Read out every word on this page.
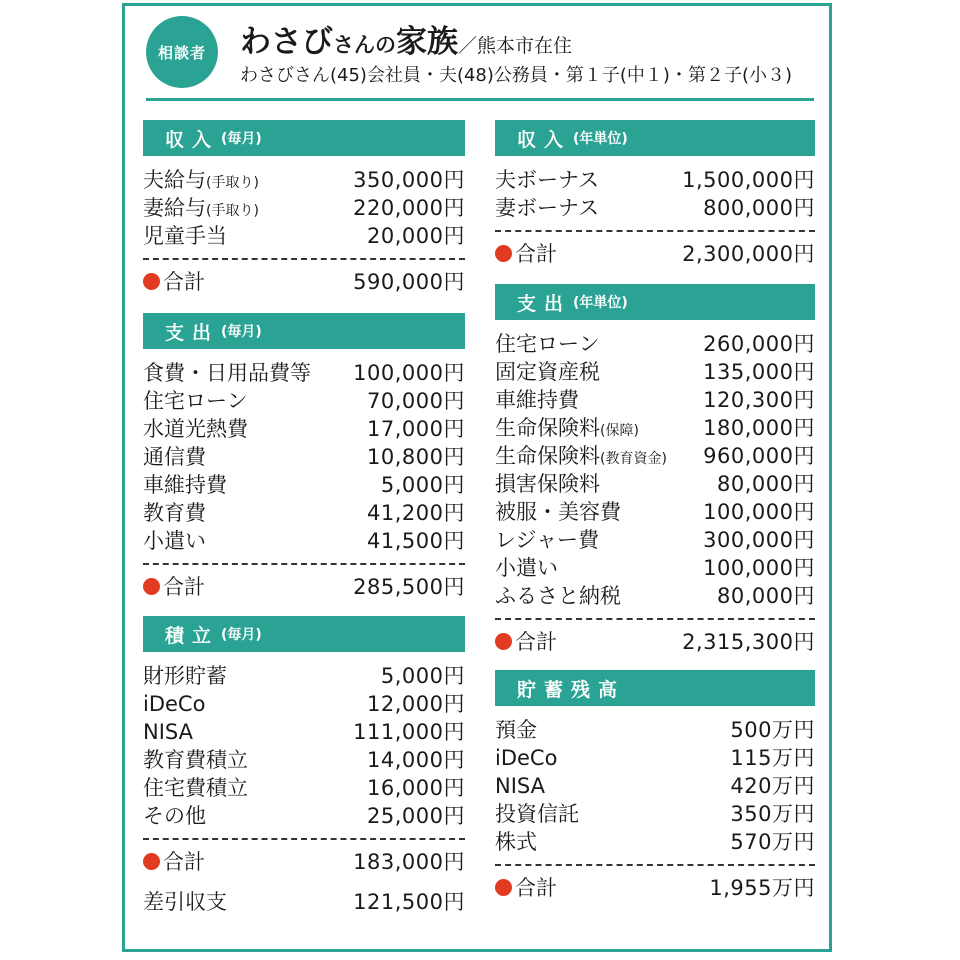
相談者	わさびさんの家族／熊本市在住
わさびさん(45)会社員・夫(48)公務員・第１子(中１)・第２子(小３)
収入 (毎月)
夫給与(手取り)	350,000円
妻給与(手取り)	220,000円
児童手当	20,000円
合計	590,000円
支出 (毎月)
食費・日用品費等 100,000円
住宅ローン	70,000円
水道光熱費	17,000円
通信費	10,800円
車維持費	5,000円
教育費	41,200円
小遣い	41,500円
合計	285,500円
積立 (毎月)
財形貯蓄	5,000円
iDeCo	12,000円
NISA	111,000円
教育費積立	14,000円
住宅費積立	16,000円
その他	25,000円
合計	183,000円
差引収支	121,500円
収入 (年単位)
夫ボーナス	1,500,000円
妻ボーナス	800,000円
合計	2,300,000円
支出 (年単位)
住宅ローン	260,000円
固定資産税	135,000円
車維持費	120,300円
生命保険料(保障)	180,000円
生命保険料(教育資金) 960,000円
損害保険料	80,000円
被服・美容費	100,000円
レジャー費	300,000円
小遣い	100,000円
ふるさと納税	80,000円
合計	2,315,300円
貯蓄残高
預金	500万円
iDeCo	115万円
NISA	420万円
投資信託	350万円
株式	570万円
合計	1,955万円
